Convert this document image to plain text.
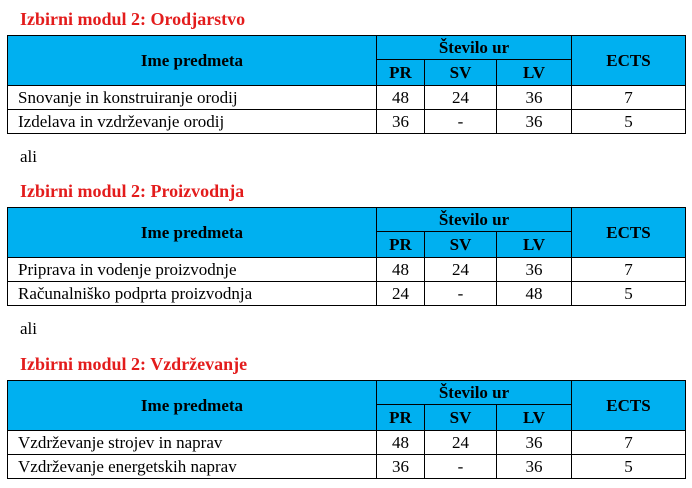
Izbirni modul 2: Orodjarstvo
Ime predmeta	Število ur			ECTS
	PR	SV	LV	
Snovanje in konstruiranje orodij	48	24	36	7
Izdelava in vzdrževanje orodij	36	-	36	5
ali
Izbirni modul 2: Proizvodnja
Ime predmeta	Število ur			ECTS
	PR	SV	LV	
Priprava in vodenje proizvodnje	48	24	36	7
Računalniško podprta proizvodnja	24	-	48	5
ali
Izbirni modul 2: Vzdrževanje
Ime predmeta	Število ur			ECTS
	PR	SV	LV	
Vzdrževanje strojev in naprav	48	24	36	7
Vzdrževanje energetskih naprav	36	-	36	5
